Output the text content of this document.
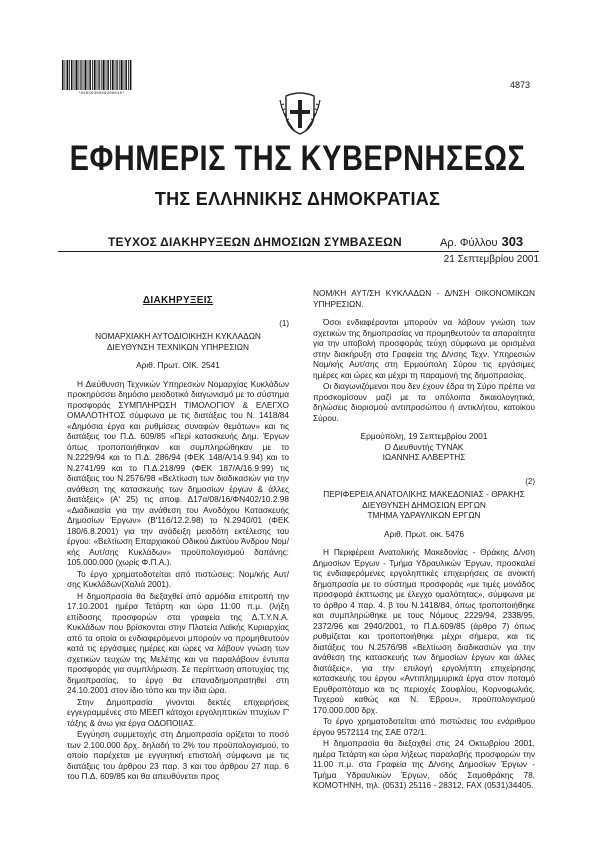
*0204030309200010*
4873
ΕΦΗΜΕΡΙΣ ΤΗΣ ΚΥΒΕΡΝΗΣΕΩΣ
ΤΗΣ ΕΛΛΗΝΙΚΗΣ ΔΗΜΟΚΡΑΤΙΑΣ
ΤΕΥΧΟΣ ΔΙΑΚΗΡΥΞΕΩΝ ΔΗΜΟΣΙΩΝ ΣΥΜΒΑΣΕΩΝ	Αρ. Φύλλου 303
21 Σεπτεμβρίου 2001
ΔΙΑΚΗΡΥΞΕΙΣ
(1)
ΝΟΜΑΡΧΙΑΚΗ ΑΥΤΟΔΙΟΙΚΗΣΗ ΚΥΚΛΑΔΩΝ
ΔΙΕΥΘΥΝΣΗ ΤΕΧΝΙΚΩΝ ΥΠΗΡΕΣΙΩΝ
Αριθ. Πρωτ. ΟΙΚ. 2541

Η Διεύθυνση Τεχνικών Υπηρεσιών Νομαρχίας Κυκλάδων προκηρύσσει δημόσιο μειοδοτικό διαγωνισμό με το σύστημα προσφοράς ΣΥΜΠΛΗΡΩΣΗ ΤΙΜΟΛΟΓΙΟΥ & ΕΛΕΓΧΟ ΟΜΑΛΟΤΗΤΟΣ σύμφωνα με τις διατάξεις του Ν. 1418/84 «Δημόσια έργα και ρυθμίσεις συναφών θεμάτων» και τις διατάξεις του Π.Δ. 609/85 «Περί κατασκευής Δημ. Έργων όπως τροποποιήθηκαν και συμπληρώθηκαν με το Ν.2229/94 και το Π.Δ. 286/94 (ΦΕΚ 148/Α/14.9.94) και το Ν.2741/99 και το Π.Δ.218/99 (ΦΕΚ 187/Α/16.9.99) τις διατάξεις του Ν.2576/98 «Βελτίωση των διαδικασιών για την ανάθεση της κατασκευής των δημοσίων έργων & άλλες διατάξεις» (Α' 25) τις αποφ. Δ17α/08/16/ΦΝ402/10.2.98 «Διαδικασία για την ανάθεση του Ανοδόχου Κατασκευής Δημοσίων Έργων» (Β'116/12.2.98) το Ν.2940/01 (ΦΕΚ 180/6.8.2001) για την ανάδειξη μειοδότη εκτέλεσης του έργου: «Βελτίωση Επαρχιακού Οδικού Δικτύου Άνδρου Νομ/κής Αυτ/σης Κυκλάδων» προϋπολογισμού δαπάνης: 105.000.000 (χωρίς Φ.Π.Α.).

Το έργο χρηματοδοτείται από πιστώσεις: Νομ/κής Αυτ/σης Κυκλάδων(Χαλιά 2001).

Η δημοπρασία θα διεξαχθεί από αρμόδια επιτροπή την 17.10.2001 ημέρα Τετάρτη και ώρα 11:00 π.μ. (λήξη επίδοσης προσφορών στα γραφεία της Δ.Τ.Υ.Ν.Α. Κυκλάδων που βρίσκονται στην Πλατεία Λαϊκής Κυριαρχίας από τα οποία οι ενδιαφερόμενοι μπορούν να προμηθευτούν κατά τις εργάσιμες ημέρες και ώρες να λάβουν γνώση των σχετικών τευχών της Μελέτης και να παραλάβουν έντυπα προσφοράς για συμπλήρωση. Σε περίπτωση αποτυχίας της δημοπρασίας, το έργο θα επαναδημοπρατηθεί στη 24.10.2001 στον ίδιο τόπο και την ίδια ώρα.

Στην Δημοπρασία γίνονται δεκτές επιχειρήσεις εγγεγραμμένες στο ΜΕΕΠ κάτοχοι εργοληπτικών πτυχίων Γ' τάξης & άνω για έργα ΟΔΟΠΟΙΙΑΣ.

Εγγύηση συμμετοχής στη Δημοπρασία ορίζεται το ποσό των 2.100.000 δρχ. δηλαδή το 2% του προϋπολογισμού, το οποίο παρέχεται με εγγυητική επιστολή σύμφωνα με τις διατάξεις του άρθρου 23 παρ. 3 και του άρθρου 27 παρ. 6 του Π.Δ. 609/85 και θα απευθύνεται προς

ΝΟΜ/ΚΗ ΑΥΤ/ΣΗ ΚΥΚΛΑΔΩΝ - Δ/ΝΣΗ ΟΙΚΟΝΟΜΙΚΩΝ ΥΠΗΡΕΣΙΩΝ.

Όσοι ενδιαφέρονται μπορούν να λάβουν γνώση των σχετικών της δημοπρασίας να προμηθευτούν τα απαραίτητα για την υποβολή προσφοράς τεύχη σύμφωνα με ορισμένα στην διακήρυξη στα Γραφεία της Δ/νσης Τεχν. Υπηρεσιών Νομ/κής Αυτ/σης στη Ερμούπολη Σύρου τις εργάσιμες ημέρες και ώρες και μέχρι τη παραμονή της δημοπρασίας.

Οι διαγωνιζόμενοι που δεν έχουν έδρα τη Σύρο πρέπει να προσκομίσουν μαζί με τα υπόλοιπα δικαιολογητικά, δηλώσεις διορισμού αντιπροσώπου ή αντικλήτου, κατοίκου Σύρου.

Ερμούπολη, 19 Σεπτεμβρίου 2001
Ο Διευθυντής ΤΥΝΑΚ
ΙΩΑΝΝΗΣ ΑΛΒΕΡΤΗΣ
(2)
ΠΕΡΙΦΕΡΕΙΑ ΑΝΑΤΟΛΙΚΗΣ ΜΑΚΕΔΟΝΙΑΣ - ΘΡΑΚΗΣ
ΔΙΕΥΘΥΝΣΗ ΔΗΜΟΣΙΩΝ ΕΡΓΩΝ
ΤΜΗΜΑ ΥΔΡΑΥΛΙΚΩΝ ΕΡΓΩΝ
Αριθ. Πρωτ. οικ. 5476

Η Περιφέρεια Ανατολικής Μακεδονίας - Θράκης Δ/νση Δημοσίων Έργων - Τμήμα Υδραυλικών Έργων, προσκαλεί τις ενδιαφερόμενες εργοληπτικές επιχειρήσεις σε ανοικτή δημοπρασία με το σύστημα προσφοράς «με τιμές μονάδος προσφορά έκπτωσης με έλεγχο ομαλότητας», σύμφωνα με το άρθρο 4 παρ. 4. β του Ν.1418/84, όπως τροποποιήθηκε και συμπληρώθηκε με τους Νόμους 2229/94, 2338/95, 2372/96 και 2940/2001, το Π.Δ.609/85 (άρθρο 7) όπως ρυθμίζεται και τροποποιήθηκε μέχρι σήμερα, και τις διατάξεις του Ν.2576/98 «Βελτίωση διαδικασιών για την ανάθεση της κατασκευής των δημοσίων έργων και άλλες διατάξεις», για την επιλογή εργολήπτη επιχείρησης κατασκευής του έργου «Αντιπλημμυρικά έργα στον ποταμό Ερυθροπόταμο και τις περιοχές Σουφλίου, Κορνοφωλιάς. Τυχερού καθώς και Ν. Έβρου», προϋπολογισμού 170.000.000 δρχ.

Το έργο χρηματοδοτείται από πιστώσεις του ενάριθμου έργου 9572114 της ΣΑΕ 072/1.

Η δημοπρασία θα διεξαχθεί στις 24 Οκτωβρίου 2001, ημέρα Τετάρτη και ώρα λήξεως παραλαβής προσφορών την 11.00 π.μ. στα Γραφεία της Δ/νσης Δημοσίων Έργων - Τμήμα Υδραυλικών Έργων, οδός Σαμοθράκης 78, ΚΟΜΟΤΗΝΗ, τηλ. (0531) 25116 - 28312, FAX (0531)34405.
